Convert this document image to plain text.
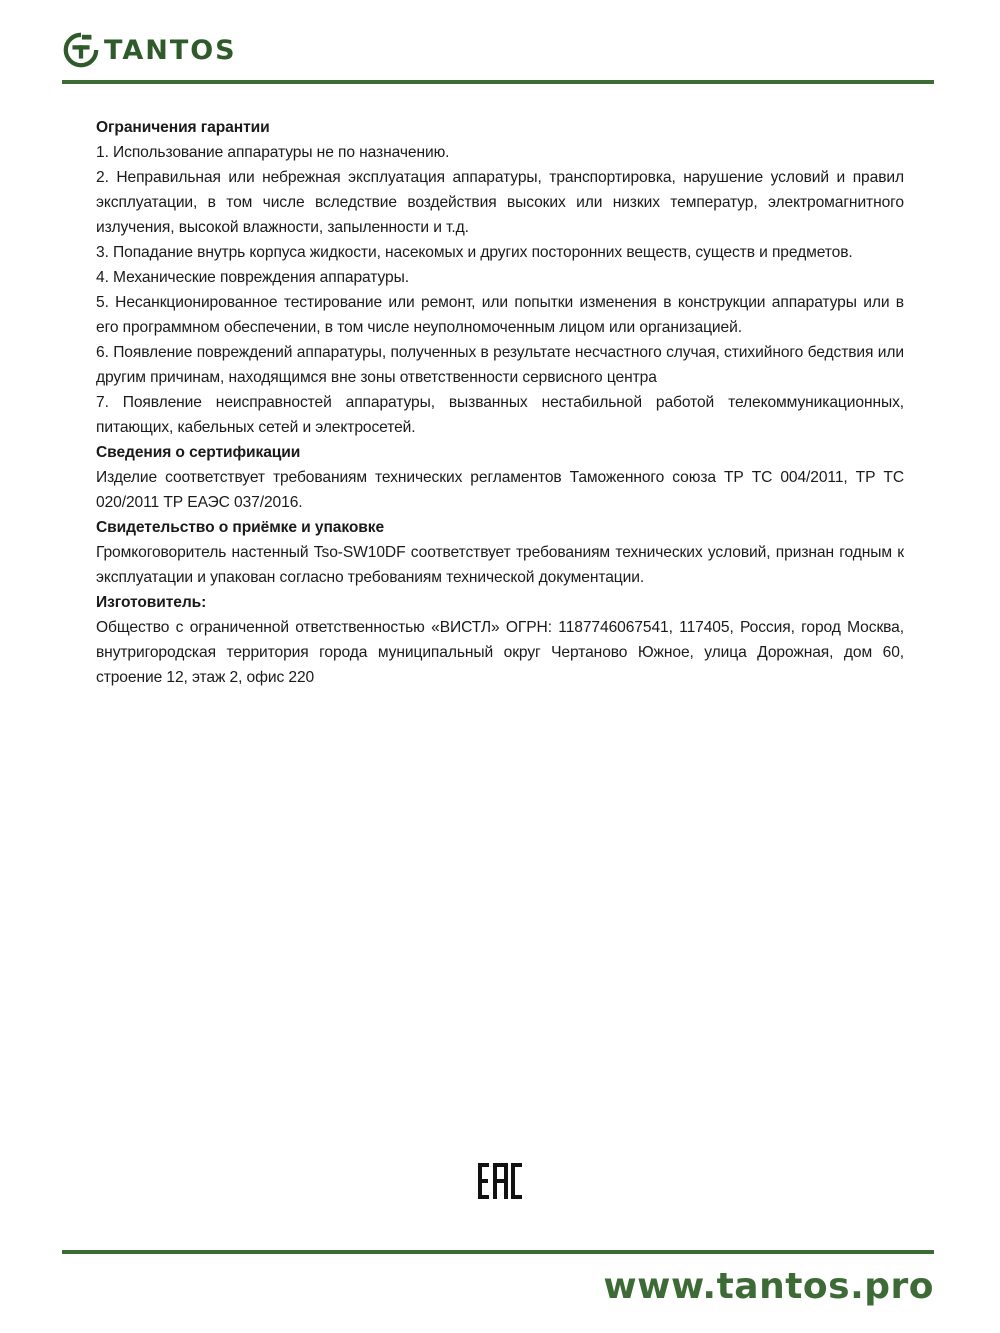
TANTOS

Ограничения гарантии

1. Использование аппаратуры не по назначению.

2. Неправильная или небрежная эксплуатация аппаратуры, транспортировка, нарушение условий и правил эксплуатации, в том числе вследствие воздействия высоких или низких температур, электромагнитного излучения, высокой влажности, запыленности и т.д.

3. Попадание внутрь корпуса жидкости, насекомых и других посторонних веществ, существ и предметов.

4. Механические повреждения аппаратуры.

5. Несанкционированное тестирование или ремонт, или попытки изменения в конструкции аппаратуры или в его программном обеспечении, в том числе неуполномоченным лицом или организацией.

6. Появление повреждений аппаратуры, полученных в результате несчастного случая, стихийного бедствия или другим причинам, находящимся вне зоны ответственности сервисного центра

7. Появление неисправностей аппаратуры, вызванных нестабильной работой телекоммуникационных, питающих, кабельных сетей и электросетей.

Сведения о сертификации

Изделие соответствует требованиям технических регламентов Таможенного союза ТР ТС 004/2011, ТР ТС 020/2011 ТР ЕАЭС 037/2016.

Свидетельство о приёмке и упаковке

Громкоговоритель настенный Tso-SW10DF соответствует требованиям технических условий, признан годным к эксплуатации и упакован согласно требованиям технической документации.

Изготовитель:

Общество с ограниченной ответственностью «ВИСТЛ» ОГРН: 1187746067541, 117405, Россия, город Москва, внутригородская территория города муниципальный округ Чертаново Южное, улица Дорожная, дом 60, строение 12, этаж 2, офис 220

www.tantos.pro
